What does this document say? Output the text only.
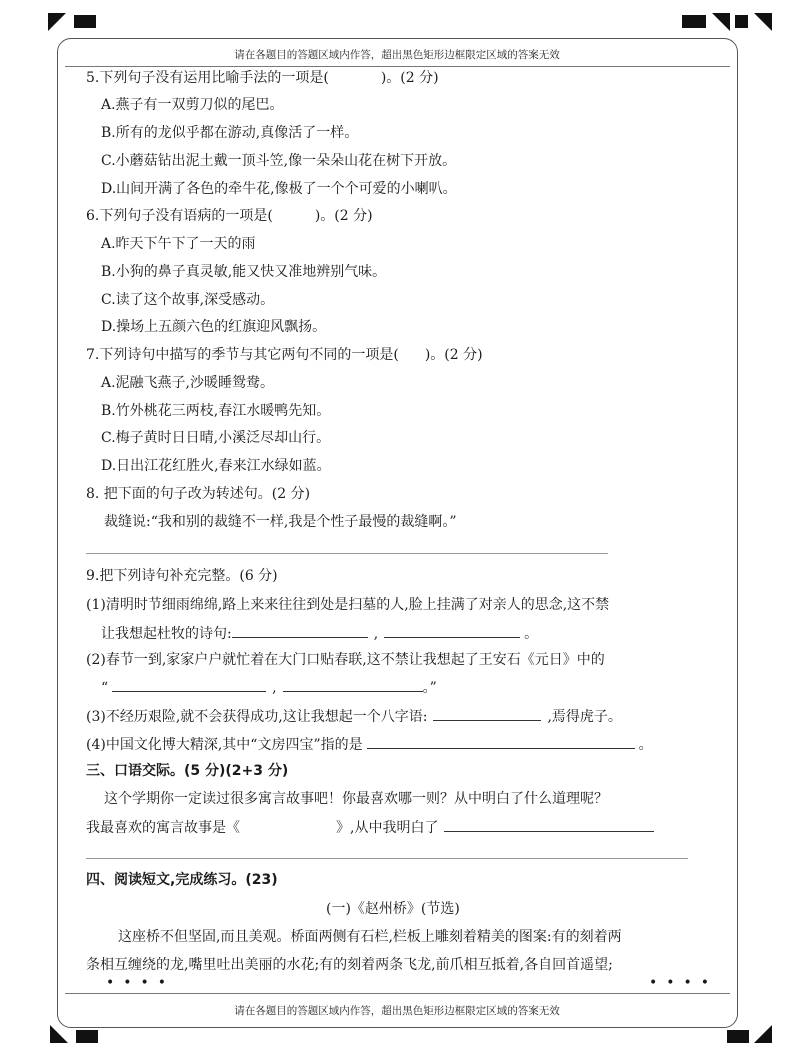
请在各题目的答题区域内作答，超出黑色矩形边框限定区域的答案无效
5.下列句子没有运用比喻手法的一项是(	)。(2 分)
A.燕子有一双剪刀似的尾巴。
B.所有的龙似乎都在游动,真像活了一样。
C.小蘑菇钻出泥土戴一顶斗笠,像一朵朵山花在树下开放。
D.山间开满了各色的牵牛花,像极了一个个可爱的小喇叭。
6.下列句子没有语病的一项是(	)。(2 分)
A.昨天下午下了一天的雨
B.小狗的鼻子真灵敏,能又快又准地辨别气味。
C.读了这个故事,深受感动。
D.操场上五颜六色的红旗迎风飘扬。
7.下列诗句中描写的季节与其它两句不同的一项是( )。(2 分)
A.泥融飞燕子,沙暖睡鸳鸯。
B.竹外桃花三两枝,春江水暖鸭先知。
C.梅子黄时日日晴,小溪泛尽却山行。
D.日出江花红胜火,春来江水绿如蓝。
8. 把下面的句子改为转述句。(2 分)
裁缝说:“我和别的裁缝不一样,我是个性子最慢的裁缝啊。”
9.把下列诗句补充完整。(6 分)
(1)清明时节细雨绵绵,路上来来往往到处是扫墓的人,脸上挂满了对亲人的思念,这不禁
让我想起杜牧的诗句:	,	。
(2)春节一到,家家户户就忙着在大门口贴春联,这不禁让我想起了王安石《元日》中的
“	,	。”
(3)不经历艰险,就不会获得成功,这让我想起一个八字语:	,焉得虎子。
(4)中国文化博大精深,其中“文房四宝”指的是	。
三、口语交际。(5 分)(2+3 分)
这个学期你一定读过很多寓言故事吧！你最喜欢哪一则？从中明白了什么道理呢？
我最喜欢的寓言故事是《	》,从中我明白了
四、阅读短文,完成练习。(23)
(一)《赵州桥》(节选)
这座桥不但坚固,而且美观。桥面两侧有石栏,栏板上雕刻着精美的图案:有的刻着两
条相互缠绕的龙,嘴里吐出美丽的水花;有的刻着两条飞龙,前爪相互抵着,各自回首遥望;
••••	••••
请在各题目的答题区域内作答，超出黑色矩形边框限定区域的答案无效
